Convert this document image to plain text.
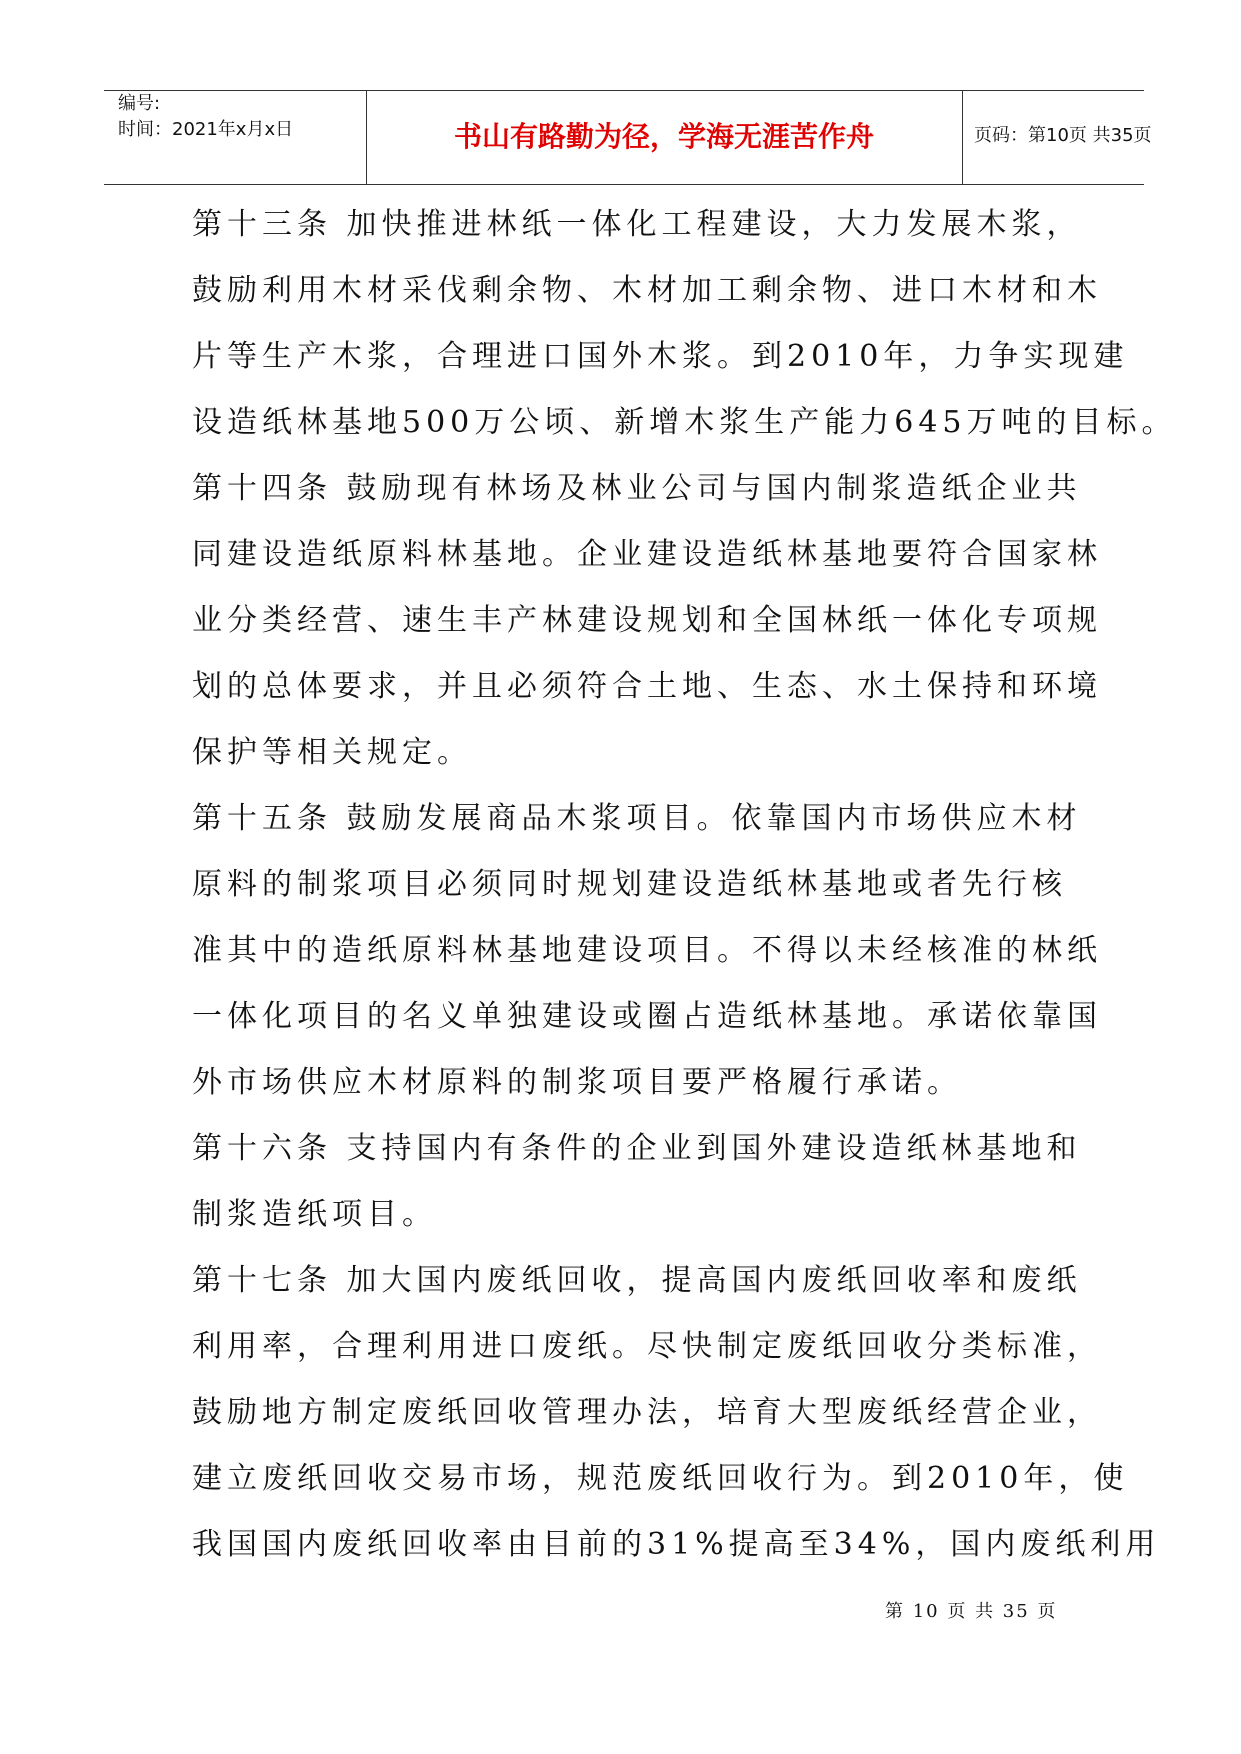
编号:
时间：2021年x月x日	书山有路勤为径，学海无涯苦作舟	页码：第10页 共35页
第十三条 加快推进林纸一体化工程建设，大力发展木浆，
鼓励利用木材采伐剩余物、木材加工剩余物、进口木材和木
片等生产木浆，合理进口国外木浆。到2010年，力争实现建
设造纸林基地500万公顷、新增木浆生产能力645万吨的目标。
第十四条 鼓励现有林场及林业公司与国内制浆造纸企业共
同建设造纸原料林基地。企业建设造纸林基地要符合国家林
业分类经营、速生丰产林建设规划和全国林纸一体化专项规
划的总体要求，并且必须符合土地、生态、水土保持和环境
保护等相关规定。
第十五条 鼓励发展商品木浆项目。依靠国内市场供应木材
原料的制浆项目必须同时规划建设造纸林基地或者先行核
准其中的造纸原料林基地建设项目。不得以未经核准的林纸
一体化项目的名义单独建设或圈占造纸林基地。承诺依靠国
外市场供应木材原料的制浆项目要严格履行承诺。
第十六条 支持国内有条件的企业到国外建设造纸林基地和
制浆造纸项目。
第十七条 加大国内废纸回收，提高国内废纸回收率和废纸
利用率，合理利用进口废纸。尽快制定废纸回收分类标准，
鼓励地方制定废纸回收管理办法，培育大型废纸经营企业，
建立废纸回收交易市场，规范废纸回收行为。到2010年，使
我国国内废纸回收率由目前的31%提高至34%，国内废纸利用
第 10 页 共 35 页
